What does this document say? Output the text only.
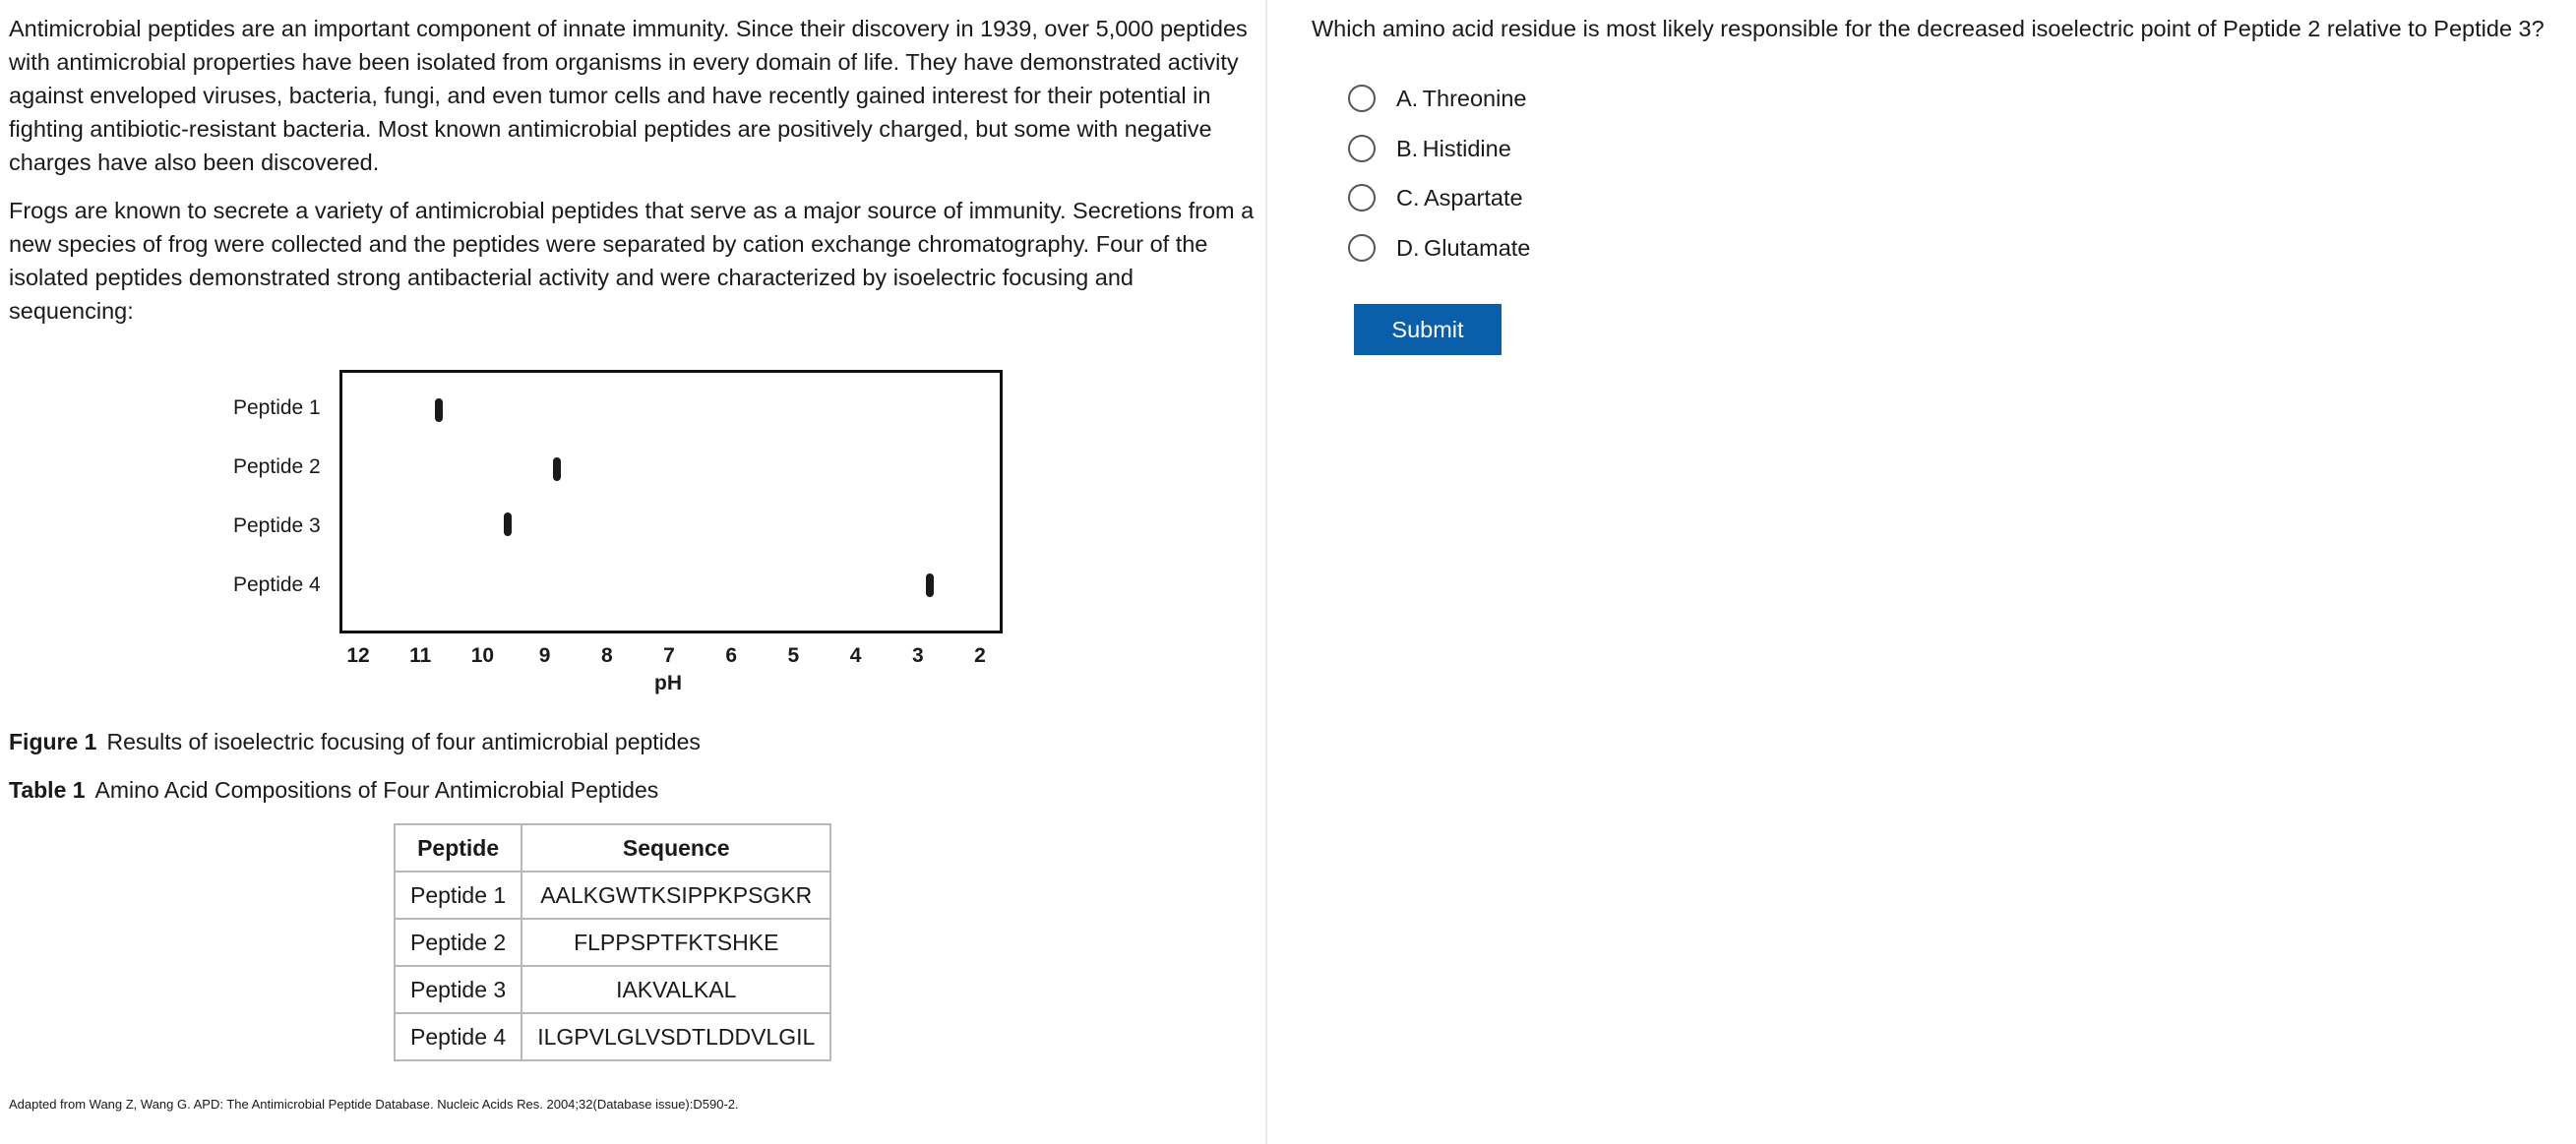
Antimicrobial peptides are an important component of innate immunity. Since their discovery in 1939, over 5,000 peptides with antimicrobial properties have been isolated from organisms in every domain of life. They have demonstrated activity against enveloped viruses, bacteria, fungi, and even tumor cells and have recently gained interest for their potential in fighting antibiotic-resistant bacteria. Most known antimicrobial peptides are positively charged, but some with negative charges have also been discovered.

Frogs are known to secrete a variety of antimicrobial peptides that serve as a major source of immunity. Secretions from a new species of frog were collected and the peptides were separated by cation exchange chromatography. Four of the isolated peptides demonstrated strong antibacterial activity and were characterized by isoelectric focusing and sequencing:

Peptide 1
Peptide 2
Peptide 3
Peptide 4
12	11	10	9	8	7	6	5	4	3	2
pH
Figure 1 Results of isoelectric focusing of four antimicrobial peptides
Table 1 Amino Acid Compositions of Four Antimicrobial Peptides
Peptide	Sequence
Peptide 1	AALKGWTKSIPPKPSGKR
Peptide 2	FLPPSPTFKTSHKE
Peptide 3	IAKVALKAL
Peptide 4	ILGPVLGLVSDTLDDVLGIL
Adapted from Wang Z, Wang G. APD: The Antimicrobial Peptide Database. Nucleic Acids Res. 2004;32(Database issue):D590-2.
Which amino acid residue is most likely responsible for the decreased isoelectric point of Peptide 2 relative to Peptide 3?
A.
Threonine
B.
Histidine
C.
Aspartate
D.
Glutamate
Submit
